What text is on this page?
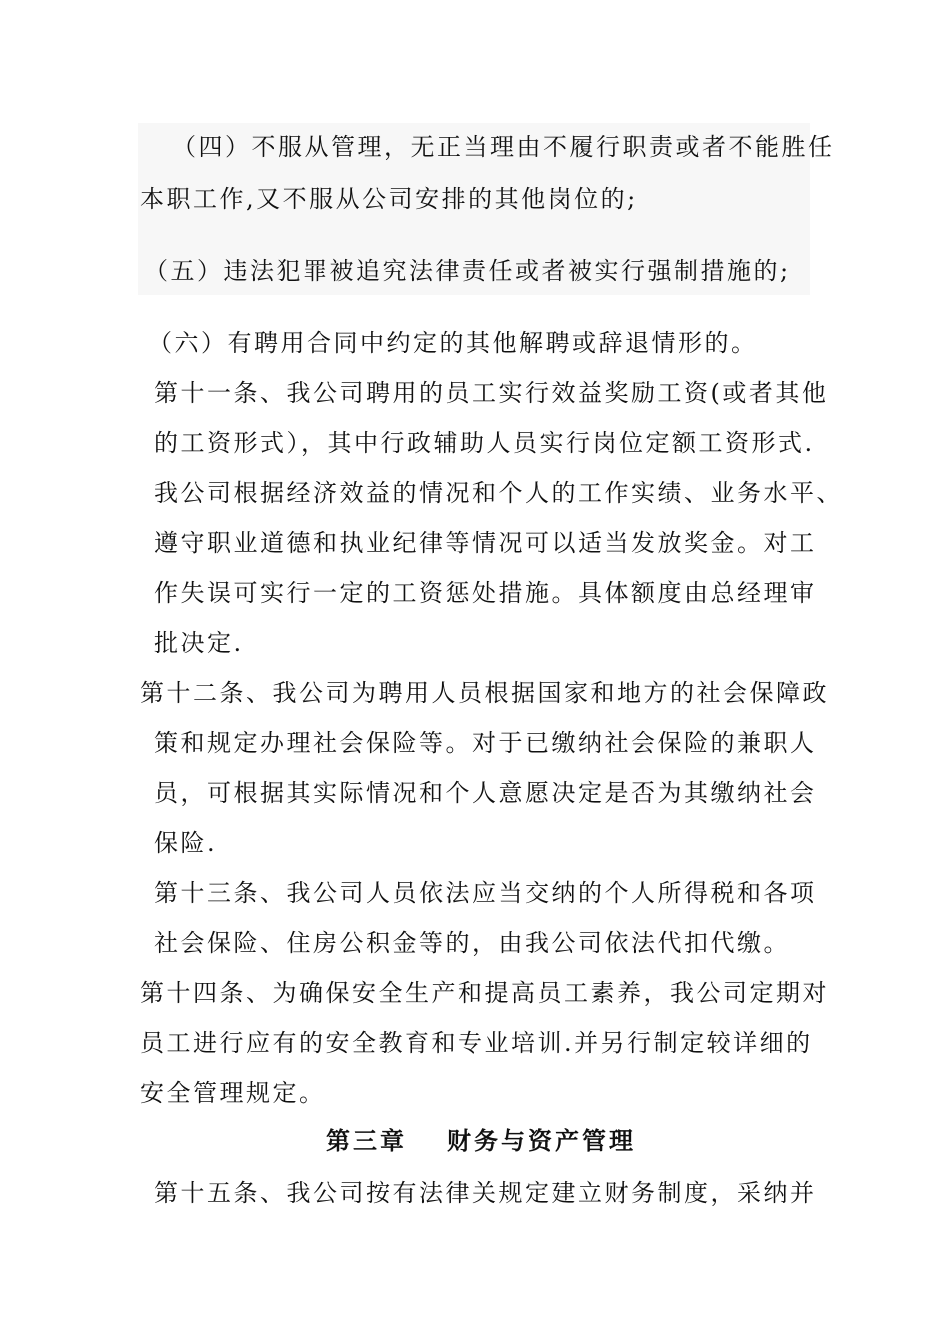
（四）不服从管理，无正当理由不履行职责或者不能胜任
本职工作,又不服从公司安排的其他岗位的;
（五）违法犯罪被追究法律责任或者被实行强制措施的;
（六）有聘用合同中约定的其他解聘或辞退情形的。
第十一条、我公司聘用的员工实行效益奖励工资(或者其他
的工资形式），其中行政辅助人员实行岗位定额工资形式.
我公司根据经济效益的情况和个人的工作实绩、业务水平、
遵守职业道德和执业纪律等情况可以适当发放奖金。对工
作失误可实行一定的工资惩处措施。具体额度由总经理审
批决定.
第十二条、我公司为聘用人员根据国家和地方的社会保障政
策和规定办理社会保险等。对于已缴纳社会保险的兼职人
员，可根据其实际情况和个人意愿决定是否为其缴纳社会
保险.
第十三条、我公司人员依法应当交纳的个人所得税和各项
社会保险、住房公积金等的，由我公司依法代扣代缴。
第十四条、为确保安全生产和提高员工素养，我公司定期对
员工进行应有的安全教育和专业培训.并另行制定较详细的
安全管理规定。
第三章 财务与资产管理
第十五条、我公司按有法律关规定建立财务制度，采纳并
